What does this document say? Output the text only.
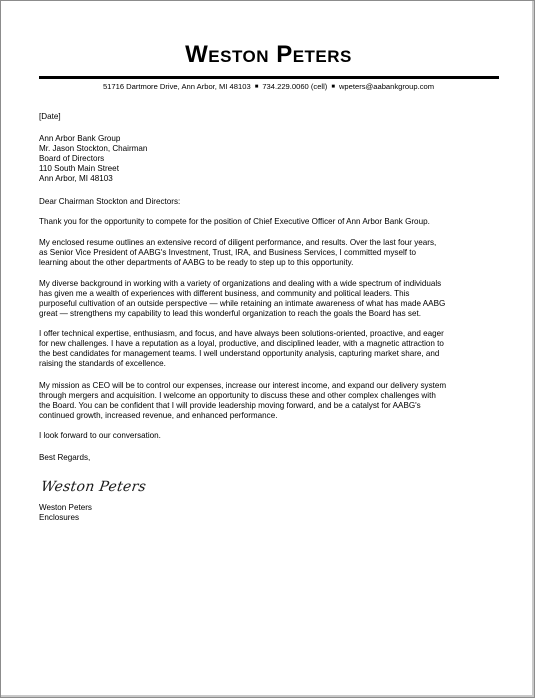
Weston Peters
51716 Dartmore Drive, Ann Arbor, MI 48103 ■ 734.229.0060 (cell) ■ wpeters@aabankgroup.com
[Date]
Ann Arbor Bank Group
Mr. Jason Stockton, Chairman
Board of Directors
110 South Main Street
Ann Arbor, MI 48103
Dear Chairman Stockton and Directors:
Thank you for the opportunity to compete for the position of Chief Executive Officer of Ann Arbor Bank Group.
My enclosed resume outlines an extensive record of diligent performance, and results. Over the last four years,
as Senior Vice President of AABG's Investment, Trust, IRA, and Business Services, I committed myself to
learning about the other departments of AABG to be ready to step up to this opportunity.
My diverse background in working with a variety of organizations and dealing with a wide spectrum of individuals
has given me a wealth of experiences with different business, and community and political leaders. This
purposeful cultivation of an outside perspective — while retaining an intimate awareness of what has made AABG
great — strengthens my capability to lead this wonderful organization to reach the goals the Board has set.
I offer technical expertise, enthusiasm, and focus, and have always been solutions-oriented, proactive, and eager
for new challenges. I have a reputation as a loyal, productive, and disciplined leader, with a magnetic attraction to
the best candidates for management teams. I well understand opportunity analysis, capturing market share, and
raising the standards of excellence.
My mission as CEO will be to control our expenses, increase our interest income, and expand our delivery system
through mergers and acquisition. I welcome an opportunity to discuss these and other complex challenges with
the Board. You can be confident that I will provide leadership moving forward, and be a catalyst for AABG's
continued growth, increased revenue, and enhanced performance.
I look forward to our conversation.
Best Regards,
Weston Peters
Weston Peters
Enclosures
